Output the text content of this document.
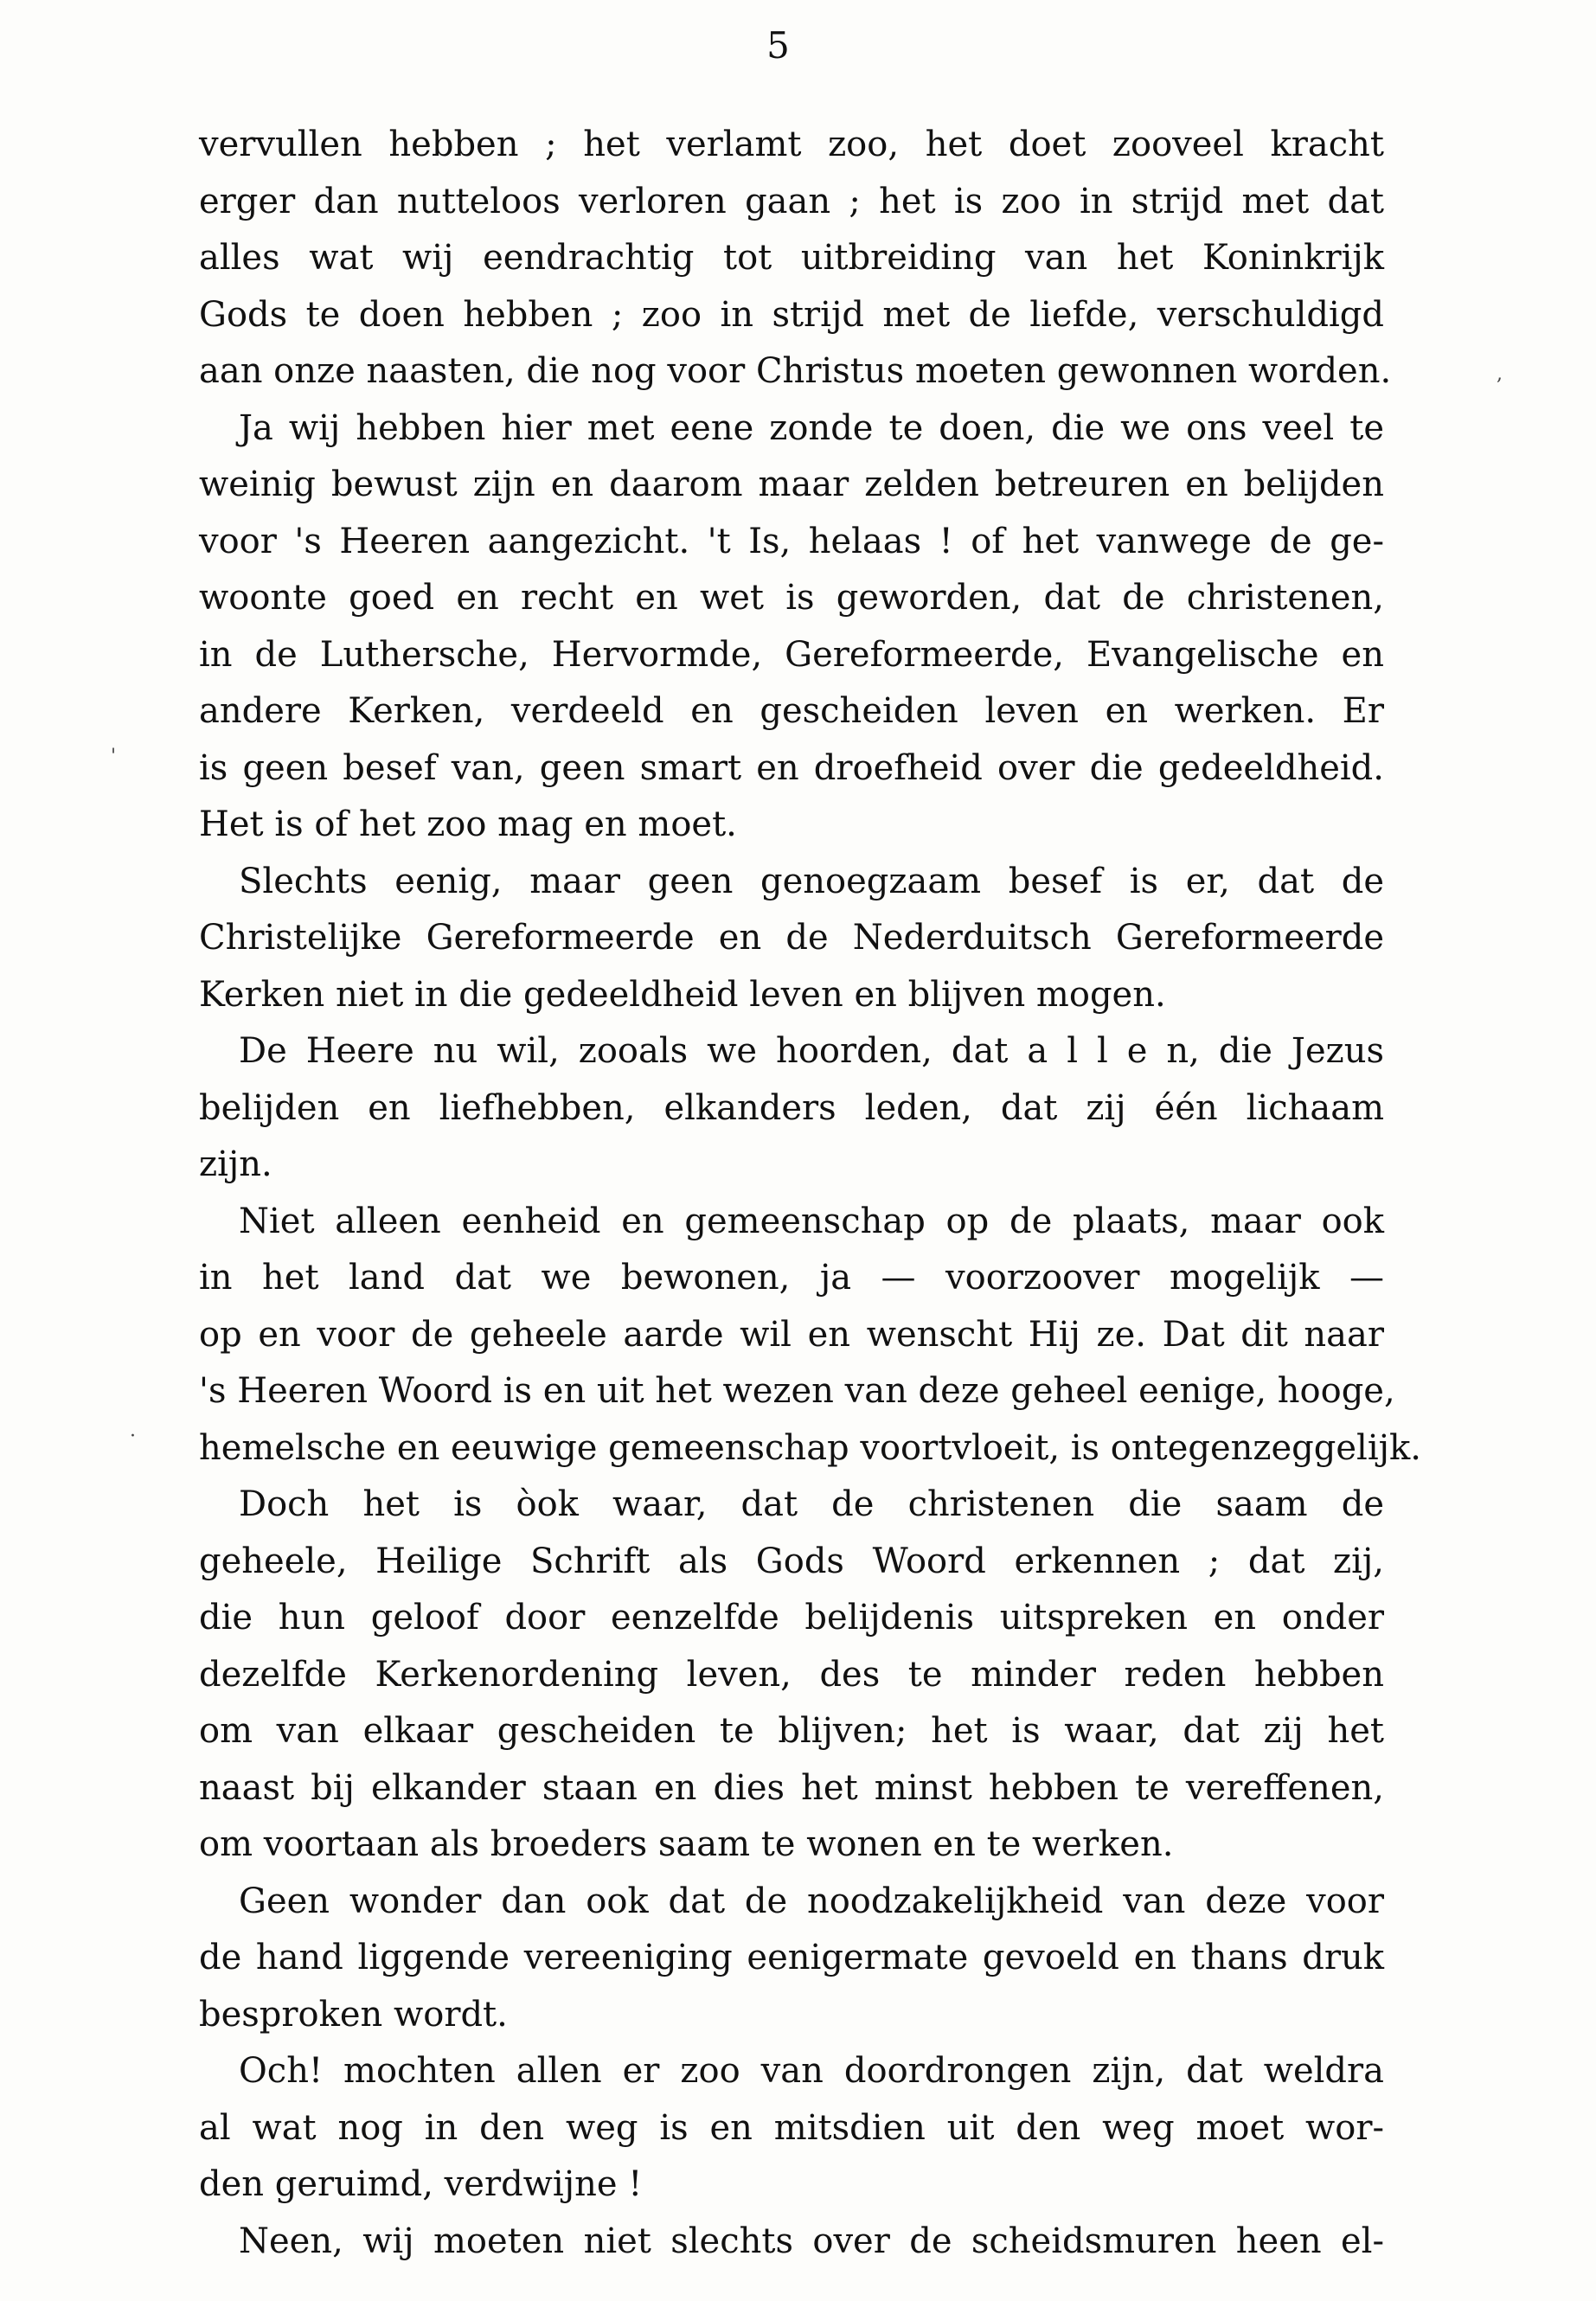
5
vervullen hebben ; het verlamt zoo, het doet zooveel kracht
erger dan nutteloos verloren gaan ; het is zoo in strijd met dat
alles wat wij eendrachtig tot uitbreiding van het Koninkrijk
Gods te doen hebben ; zoo in strijd met de liefde, verschuldigd
aan onze naasten, die nog voor Christus moeten gewonnen worden.
Ja wij hebben hier met eene zonde te doen, die we ons veel te
weinig bewust zijn en daarom maar zelden betreuren en belijden
voor 's Heeren aangezicht. 't Is, helaas ! of het vanwege de ge-
woonte goed en recht en wet is geworden, dat de christenen,
in de Luthersche, Hervormde, Gereformeerde, Evangelische en
andere Kerken, verdeeld en gescheiden leven en werken. Er
is geen besef van, geen smart en droefheid over die gedeeldheid.
Het is of het zoo mag en moet.
Slechts eenig, maar geen genoegzaam besef is er, dat de
Christelijke Gereformeerde en de Nederduitsch Gereformeerde
Kerken niet in die gedeeldheid leven en blijven mogen.
De Heere nu wil, zooals we hoorden, dat a l l e n, die Jezus
belijden en liefhebben, elkanders leden, dat zij één lichaam
zijn.
Niet alleen eenheid en gemeenschap op de plaats, maar ook
in het land dat we bewonen, ja — voorzoover mogelijk —
op en voor de geheele aarde wil en wenscht Hij ze. Dat dit naar
's Heeren Woord is en uit het wezen van deze geheel eenige, hooge,
hemelsche en eeuwige gemeenschap voortvloeit, is ontegenzeggelijk.
Doch het is òok waar, dat de christenen die saam de
geheele, Heilige Schrift als Gods Woord erkennen ; dat zij,
die hun geloof door eenzelfde belijdenis uitspreken en onder
dezelfde Kerkenordening leven, des te minder reden hebben
om van elkaar gescheiden te blijven; het is waar, dat zij het
naast bij elkander staan en dies het minst hebben te vereffenen,
om voortaan als broeders saam te wonen en te werken.
Geen wonder dan ook dat de noodzakelijkheid van deze voor
de hand liggende vereeniging eenigermate gevoeld en thans druk
besproken wordt.
Och! mochten allen er zoo van doordrongen zijn, dat weldra
al wat nog in den weg is en mitsdien uit den weg moet wor-
den geruimd, verdwijne !
Neen, wij moeten niet slechts over de scheidsmuren heen el-
,
'
·
